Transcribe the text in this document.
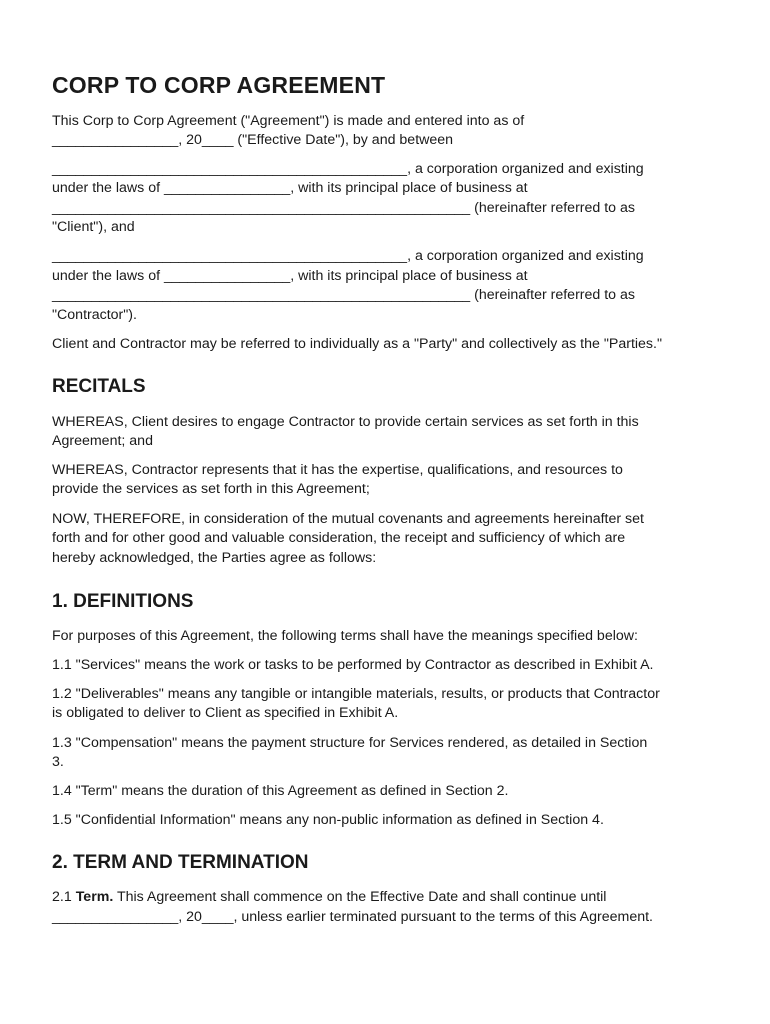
CORP TO CORP AGREEMENT

This Corp to Corp Agreement ("Agreement") is made and entered into as of

________________, 20____ ("Effective Date"), by and between

_____________________________________________, a corporation organized and existing

under the laws of ________________, with its principal place of business at

_____________________________________________________ (hereinafter referred to as

"Client"), and

_____________________________________________, a corporation organized and existing

under the laws of ________________, with its principal place of business at

_____________________________________________________ (hereinafter referred to as

"Contractor").

Client and Contractor may be referred to individually as a "Party" and collectively as the "Parties."

RECITALS

WHEREAS, Client desires to engage Contractor to provide certain services as set forth in this

Agreement; and

WHEREAS, Contractor represents that it has the expertise, qualifications, and resources to

provide the services as set forth in this Agreement;

NOW, THEREFORE, in consideration of the mutual covenants and agreements hereinafter set

forth and for other good and valuable consideration, the receipt and sufficiency of which are

hereby acknowledged, the Parties agree as follows:

1. DEFINITIONS

For purposes of this Agreement, the following terms shall have the meanings specified below:

1.1 "Services" means the work or tasks to be performed by Contractor as described in Exhibit A.

1.2 "Deliverables" means any tangible or intangible materials, results, or products that Contractor

is obligated to deliver to Client as specified in Exhibit A.

1.3 "Compensation" means the payment structure for Services rendered, as detailed in Section

3.

1.4 "Term" means the duration of this Agreement as defined in Section 2.

1.5 "Confidential Information" means any non-public information as defined in Section 4.

2. TERM AND TERMINATION

2.1 Term. This Agreement shall commence on the Effective Date and shall continue until

________________, 20____, unless earlier terminated pursuant to the terms of this Agreement.
